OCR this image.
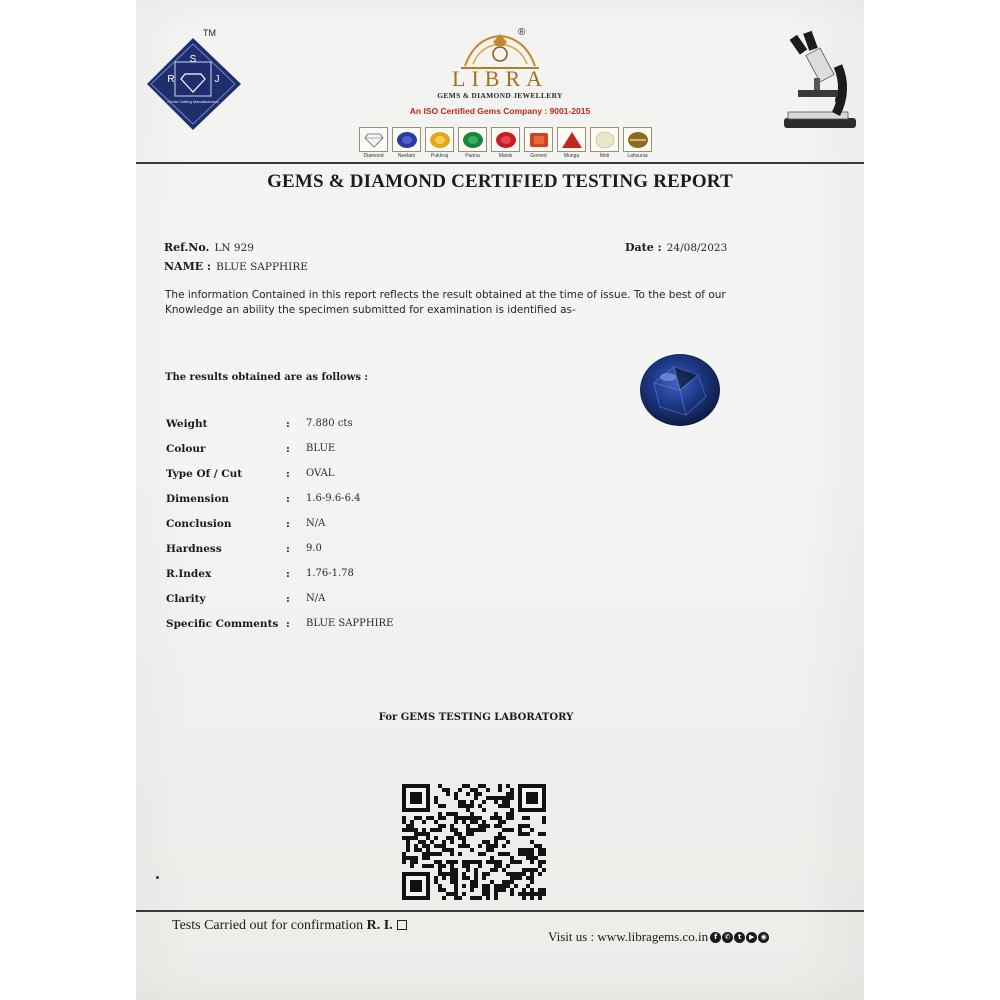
S
R	J
Gems Cutting Manufacturers
TM	®
LIBRA
GEMS & DIAMOND JEWELLERY
An ISO Certified Gems Company : 9001-2015
Diamond	Neelam	Pukhraj	Panna	Manik	Gomed	Munga	Moti	Lahsunia
GEMS & DIAMOND CERTIFIED TESTING REPORT
Ref.No. LN 929	Date : 24/08/2023
NAME : BLUE SAPPHIRE
The information Contained in this report reflects the result obtained at the time of issue. To the best of our
Knowledge an ability the specimen submitted for examination is identified as-
The results obtained are as follows :
Weight	: 7.880 cts
Colour	: BLUE
Type Of / Cut	: OVAL
Dimension	: 1.6-9.6-6.4
Conclusion	: N/A
Hardness	: 9.0
R.Index	: 1.76-1.78
Clarity	: N/A
Specific Comments : BLUE SAPPHIRE
For GEMS TESTING LABORATORY
Tests Carried out for confirmation R. I.
Visit us : www.libragems.co.in f	✆	t	▶ ◉
